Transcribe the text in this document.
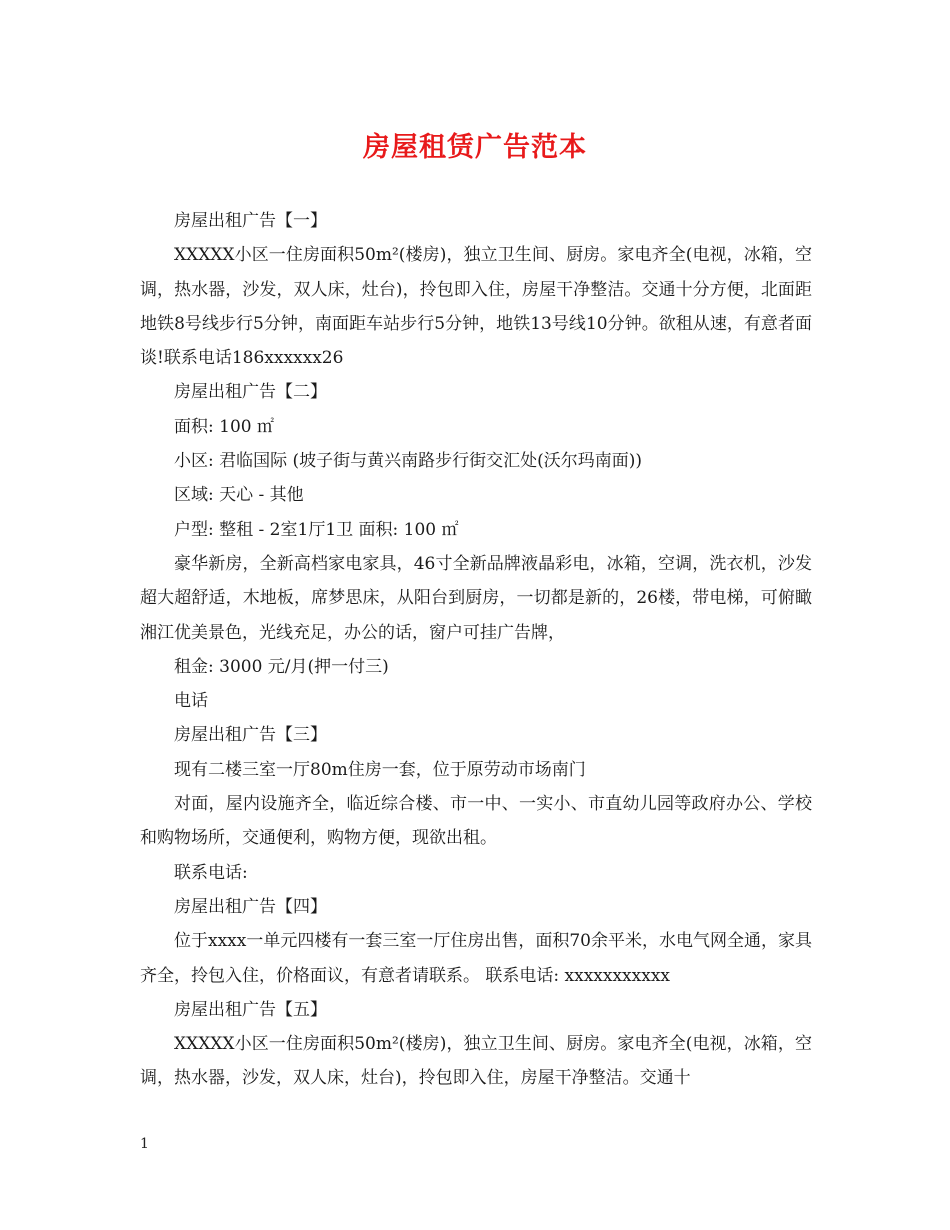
房屋租赁广告范本

房屋出租广告【一】

XXXXX小区一住房面积50m²(楼房)，独立卫生间、厨房。家电齐全(电视，冰箱，空调，热水器，沙发，双人床，灶台)，拎包即入住，房屋干净整洁。交通十分方便，北面距地铁8号线步行5分钟，南面距车站步行5分钟，地铁13号线10分钟。欲租从速，有意者面谈!联系电话186xxxxxx26

房屋出租广告【二】

面积: 100 ㎡

小区: 君临国际 (坡子街与黄兴南路步行街交汇处(沃尔玛南面))

区域: 天心 - 其他

户型: 整租 - 2室1厅1卫 面积: 100 ㎡

豪华新房，全新高档家电家具，46寸全新品牌液晶彩电，冰箱，空调，洗衣机，沙发超大超舒适，木地板，席梦思床，从阳台到厨房，一切都是新的，26楼，带电梯，可俯瞰湘江优美景色，光线充足，办公的话，窗户可挂广告牌，

租金: 3000 元/月(押一付三)

电话

房屋出租广告【三】

现有二楼三室一厅80m住房一套，位于原劳动市场南门

对面，屋内设施齐全，临近综合楼、市一中、一实小、市直幼儿园等政府办公、学校和购物场所，交通便利，购物方便，现欲出租。

联系电话:

房屋出租广告【四】

位于xxxx一单元四楼有一套三室一厅住房出售，面积70余平米，水电气网全通，家具齐全，拎包入住，价格面议，有意者请联系。 联系电话: xxxxxxxxxxx

房屋出租广告【五】

XXXXX小区一住房面积50m²(楼房)，独立卫生间、厨房。家电齐全(电视，冰箱，空调，热水器，沙发，双人床，灶台)，拎包即入住，房屋干净整洁。交通十

1
